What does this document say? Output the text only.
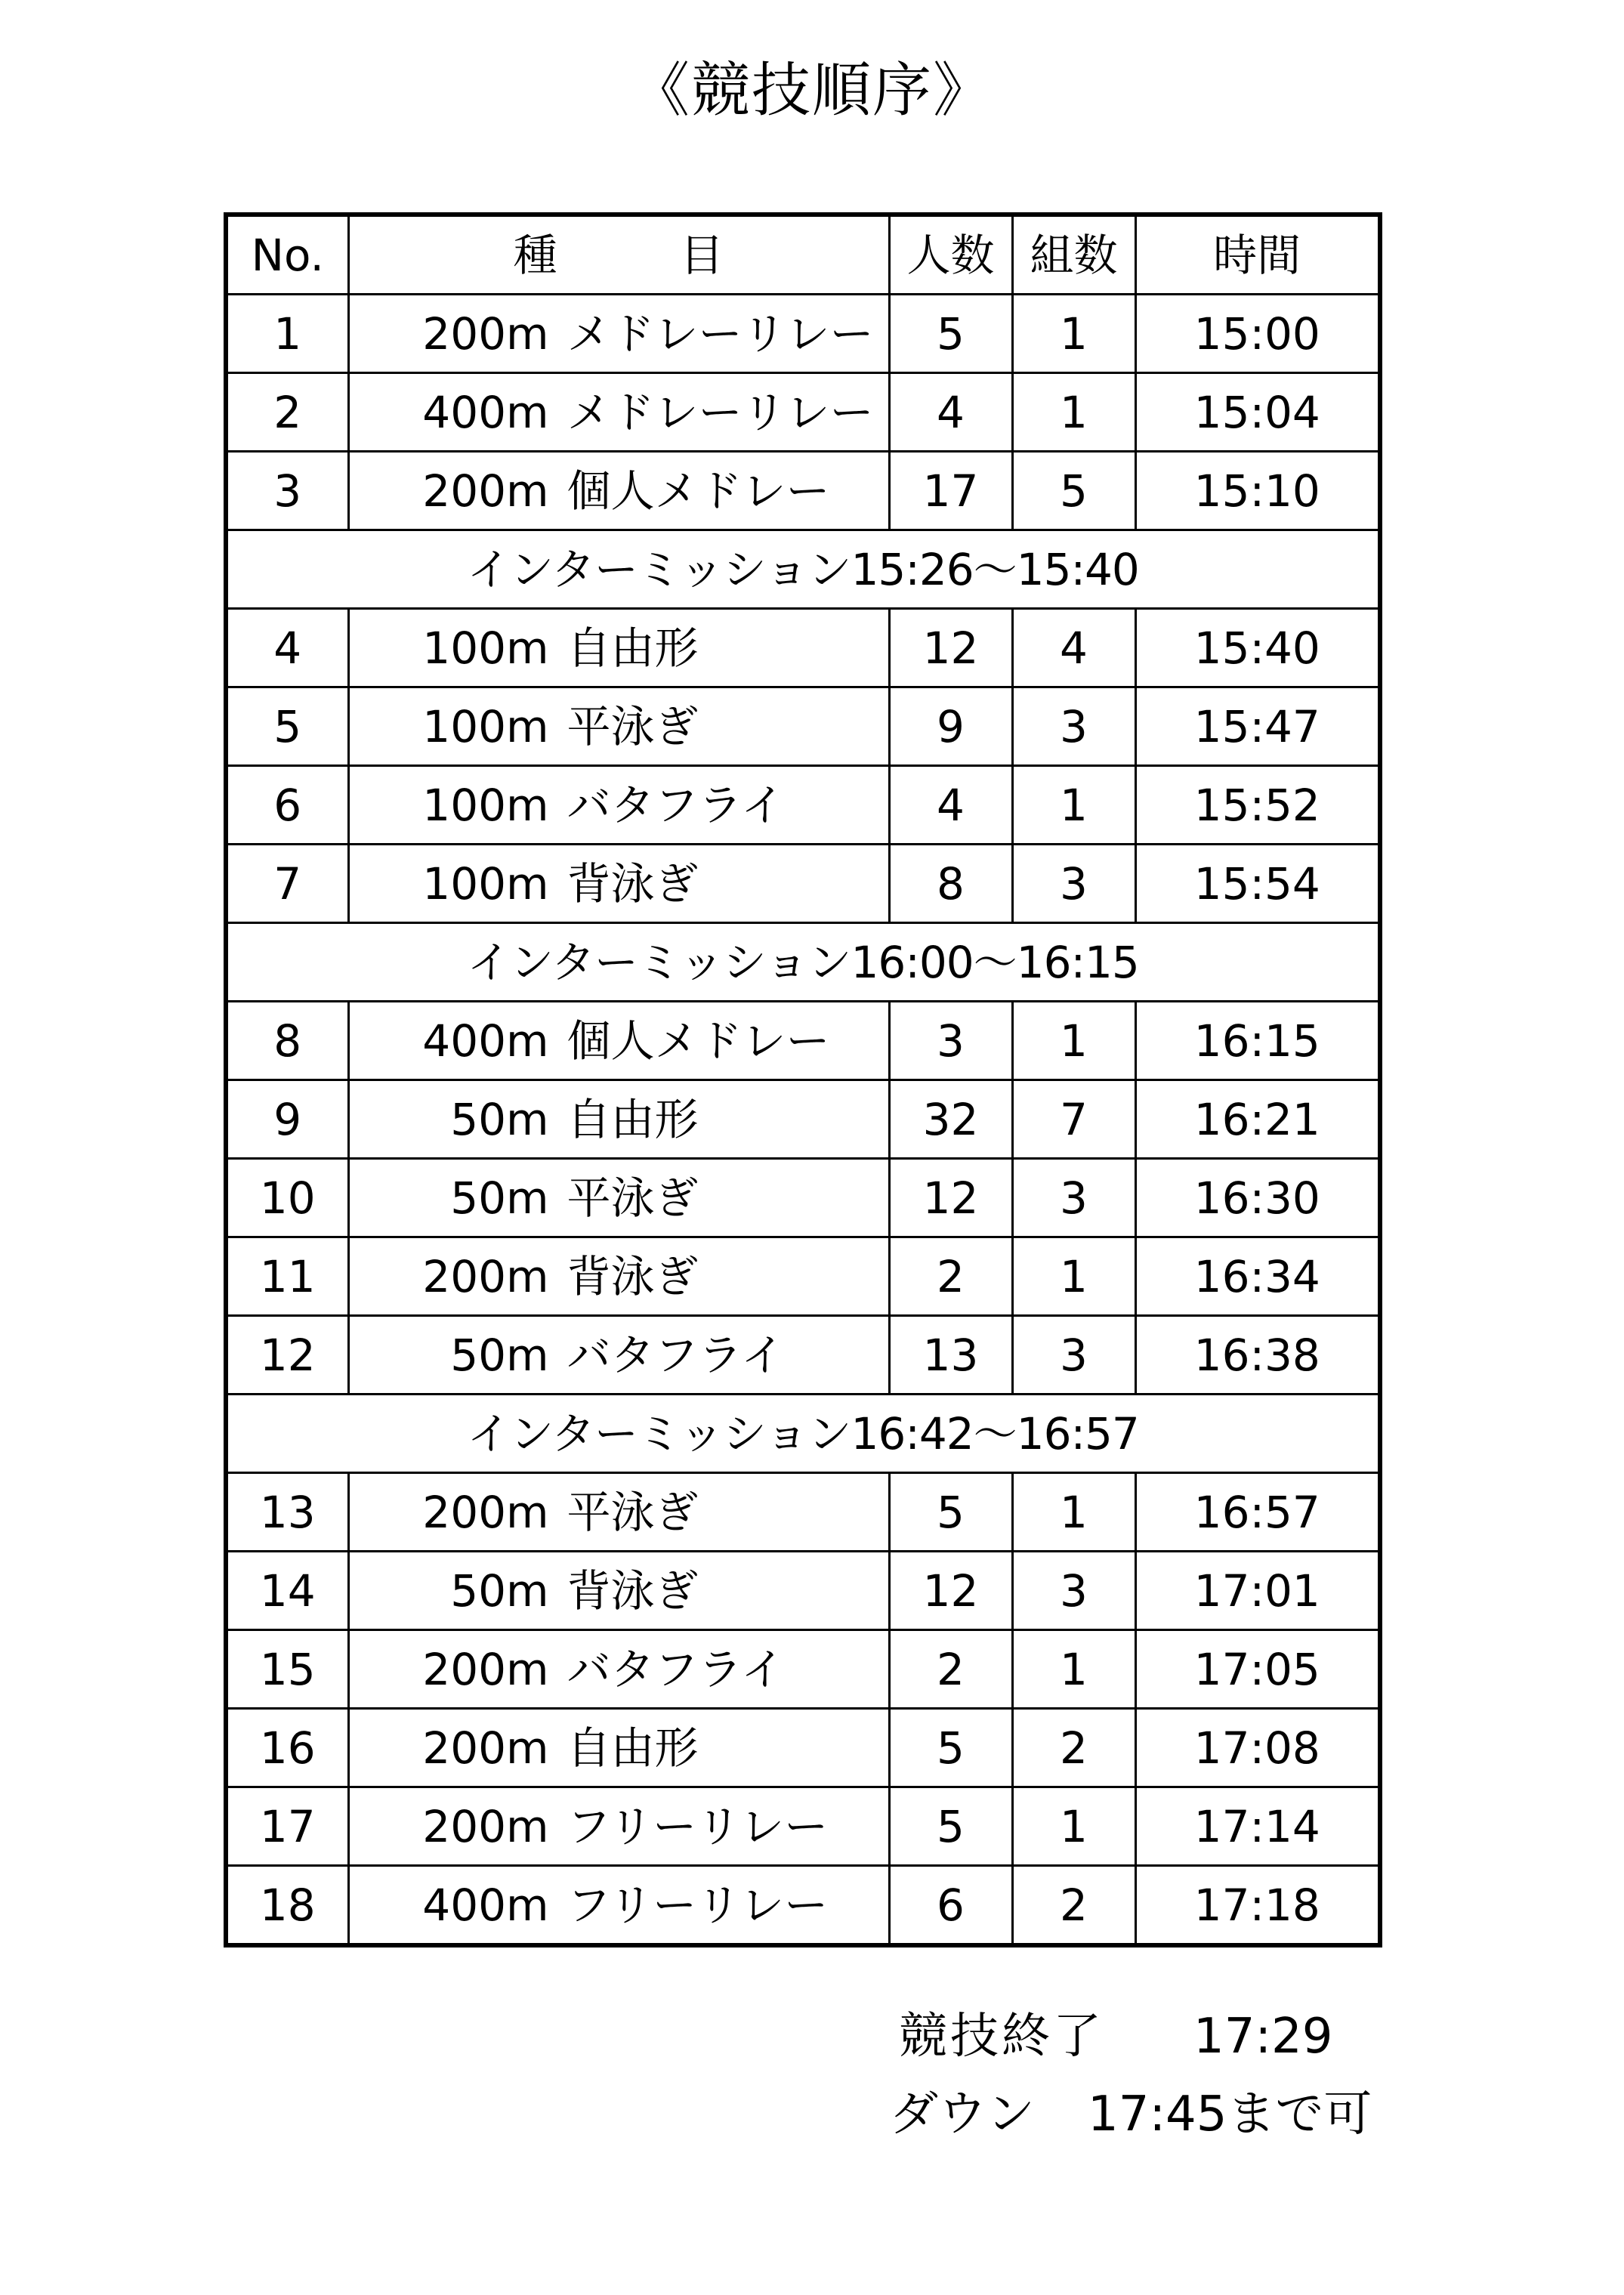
《競技順序》
No.	種　目	人数	組数	時間
1	200m メドレーリレー	5	1	15:00
2	400m メドレーリレー	4	1	15:04
3	200m 個人メドレー	17	5	15:10
インターミッション15:26～15:40				
4	100m 自由形	12	4	15:40
5	100m 平泳ぎ	9	3	15:47
6	100m バタフライ	4	1	15:52
7	100m 背泳ぎ	8	3	15:54
インターミッション16:00～16:15				
8	400m 個人メドレー	3	1	16:15
9	50m 自由形	32	7	16:21
10	50m 平泳ぎ	12	3	16:30
11	200m 背泳ぎ	2	1	16:34
12	50m バタフライ	13	3	16:38
インターミッション16:42～16:57				
13	200m 平泳ぎ	5	1	16:57
14	50m 背泳ぎ	12	3	17:01
15	200m バタフライ	2	1	17:05
16	200m 自由形	5	2	17:08
17	200m フリーリレー	5	1	17:14
18	400m フリーリレー	6	2	17:18
競技終了 17:29
ダウン 17:45まで可
